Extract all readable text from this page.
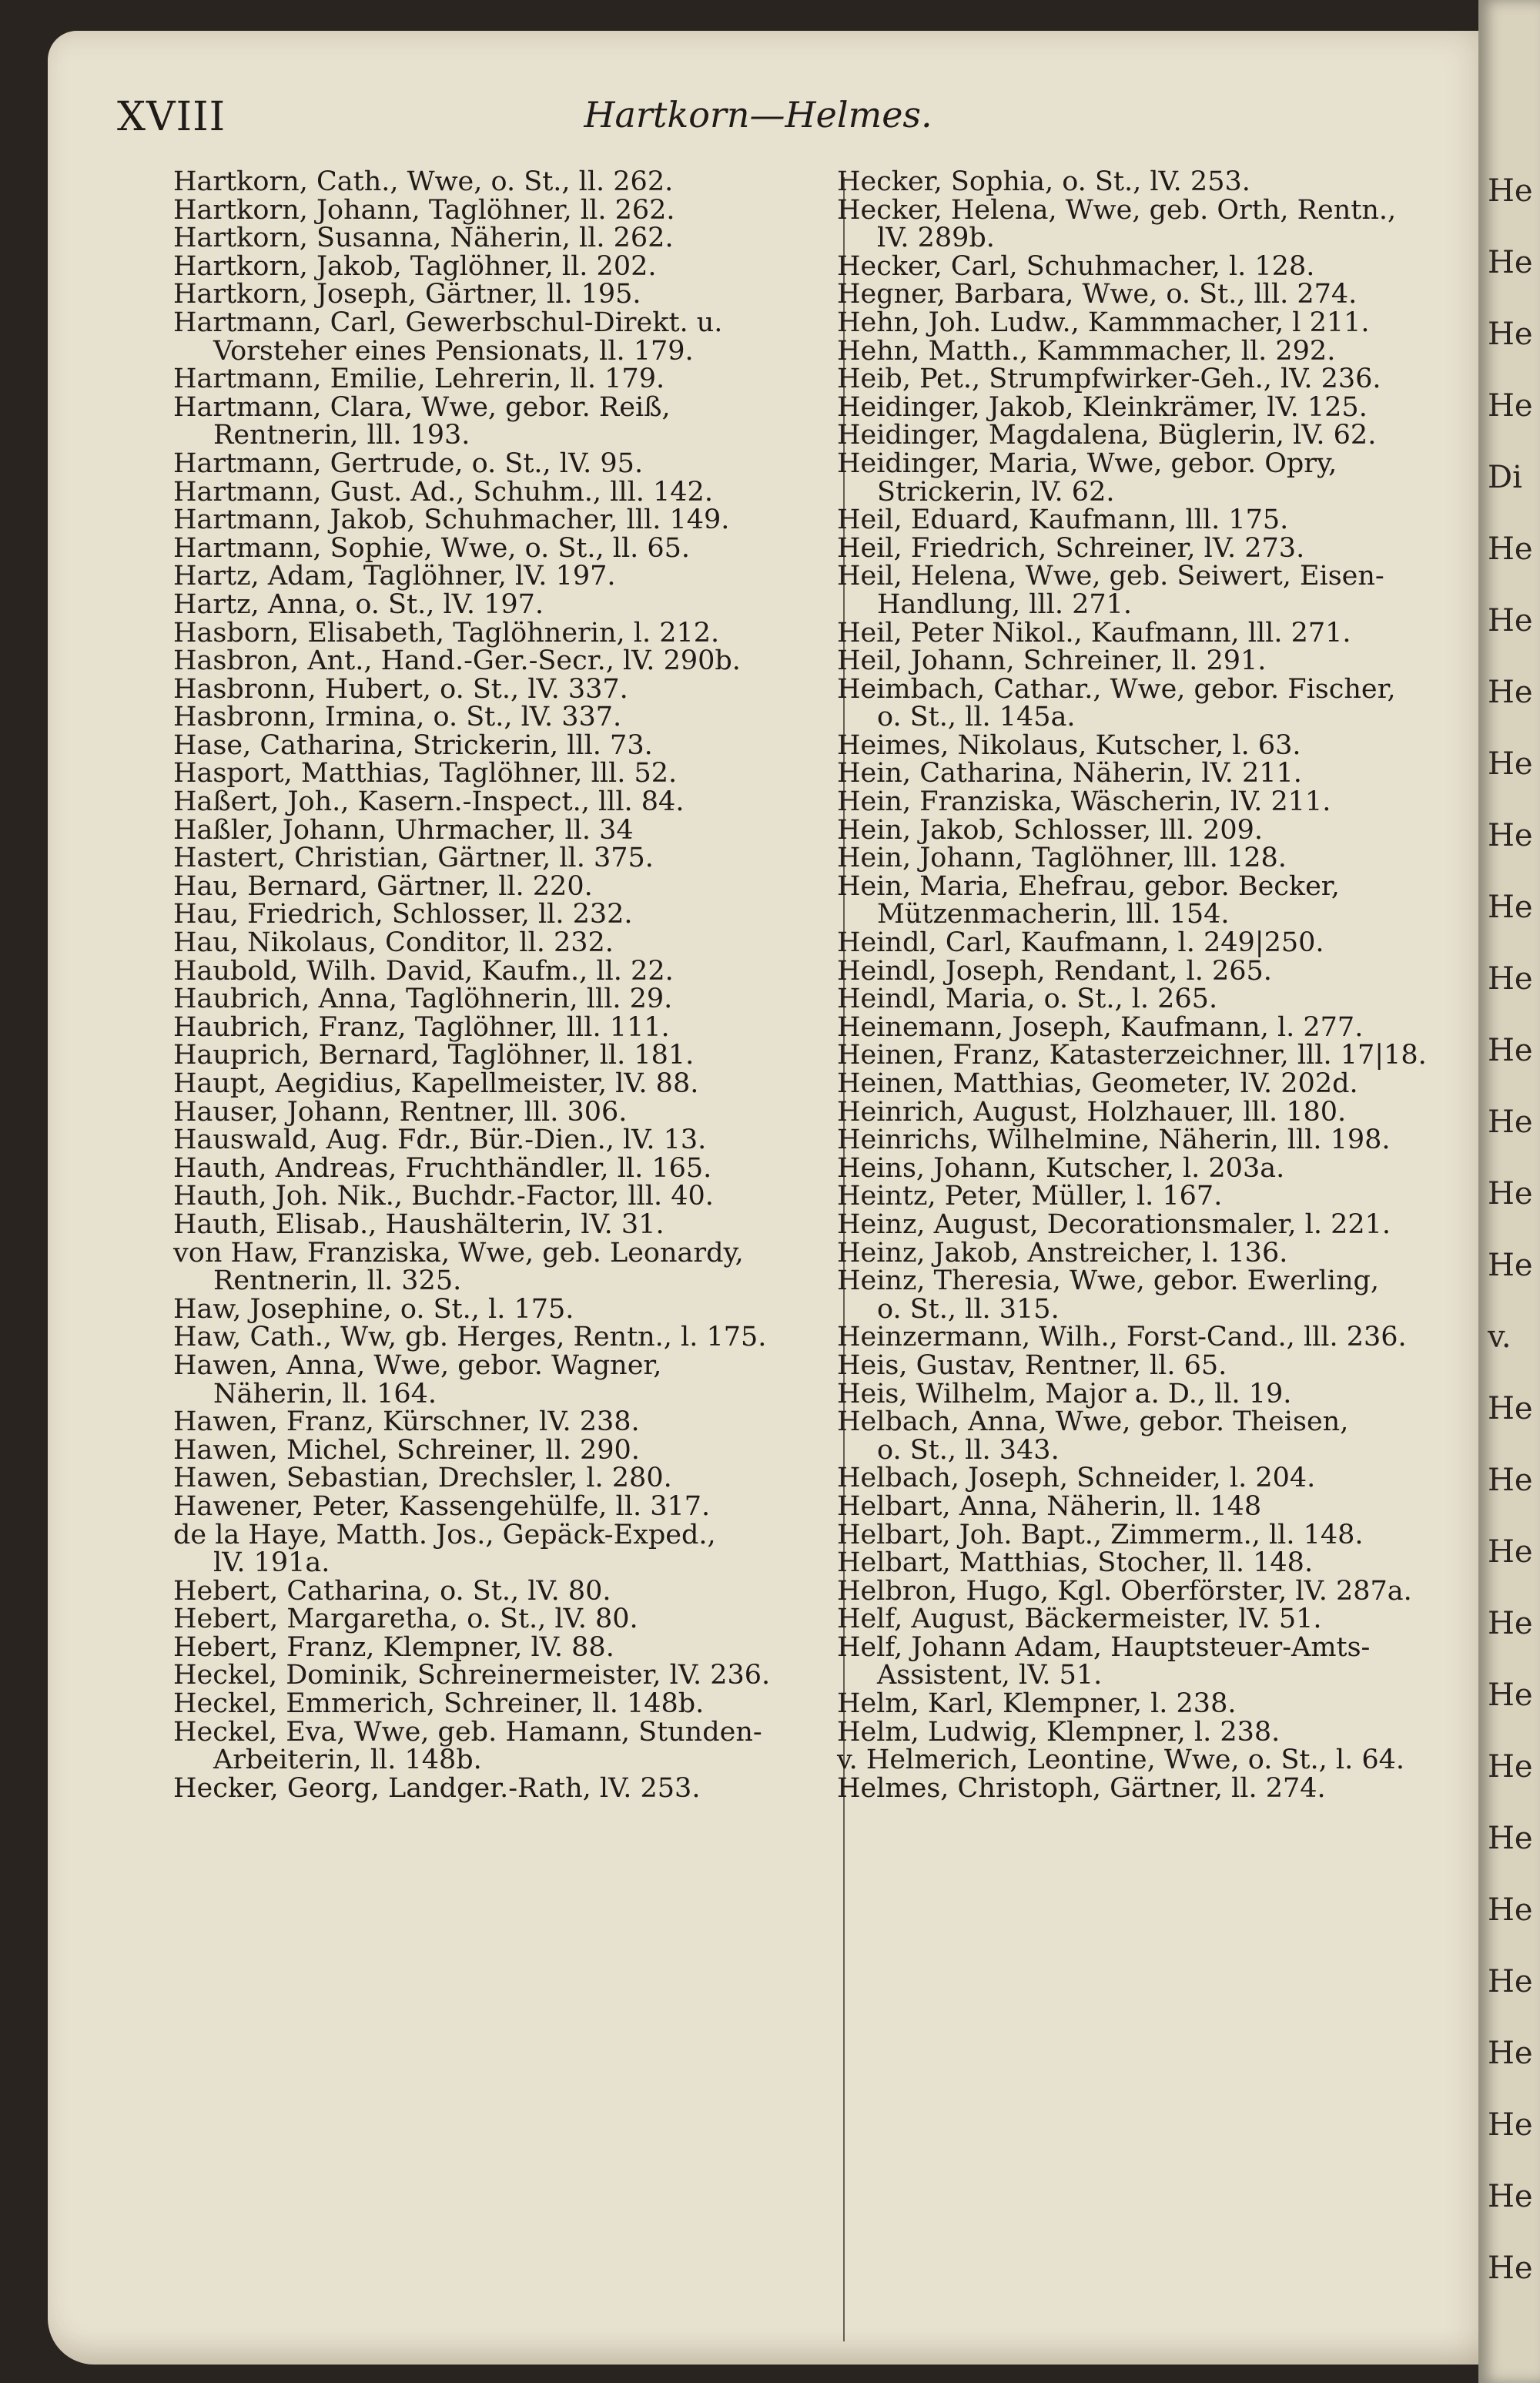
XVIII	Hartkorn—Helmes.
Hartkorn, Cath., Wwe, o. St., ll. 262.
Hartkorn, Johann, Taglöhner, ll. 262.
Hartkorn, Susanna, Näherin, ll. 262.
Hartkorn, Jakob, Taglöhner, ll. 202.
Hartkorn, Joseph, Gärtner, ll. 195.
Hartmann, Carl, Gewerbschul-Direkt. u.
Vorsteher eines Pensionats, ll. 179.
Hartmann, Emilie, Lehrerin, ll. 179.
Hartmann, Clara, Wwe, gebor. Reiß,
Rentnerin, lll. 193.
Hartmann, Gertrude, o. St., lV. 95.
Hartmann, Gust. Ad., Schuhm., lll. 142.
Hartmann, Jakob, Schuhmacher, lll. 149.
Hartmann, Sophie, Wwe, o. St., ll. 65.
Hartz, Adam, Taglöhner, lV. 197.
Hartz, Anna, o. St., lV. 197.
Hasborn, Elisabeth, Taglöhnerin, l. 212.
Hasbron, Ant., Hand.-Ger.-Secr., lV. 290b.
Hasbronn, Hubert, o. St., lV. 337.
Hasbronn, Irmina, o. St., lV. 337.
Hase, Catharina, Strickerin, lll. 73.
Hasport, Matthias, Taglöhner, lll. 52.
Haßert, Joh., Kasern.-Inspect., lll. 84.
Haßler, Johann, Uhrmacher, ll. 34
Hastert, Christian, Gärtner, ll. 375.
Hau, Bernard, Gärtner, ll. 220.
Hau, Friedrich, Schlosser, ll. 232.
Hau, Nikolaus, Conditor, ll. 232.
Haubold, Wilh. David, Kaufm., ll. 22.
Haubrich, Anna, Taglöhnerin, lll. 29.
Haubrich, Franz, Taglöhner, lll. 111.
Hauprich, Bernard, Taglöhner, ll. 181.
Haupt, Aegidius, Kapellmeister, lV. 88.
Hauser, Johann, Rentner, lll. 306.
Hauswald, Aug. Fdr., Bür.-Dien., lV. 13.
Hauth, Andreas, Fruchthändler, ll. 165.
Hauth, Joh. Nik., Buchdr.-Factor, lll. 40.
Hauth, Elisab., Haushälterin, lV. 31.
von Haw, Franziska, Wwe, geb. Leonardy,
Rentnerin, ll. 325.
Haw, Josephine, o. St., l. 175.
Haw, Cath., Ww, gb. Herges, Rentn., l. 175.
Hawen, Anna, Wwe, gebor. Wagner,
Näherin, ll. 164.
Hawen, Franz, Kürschner, lV. 238.
Hawen, Michel, Schreiner, ll. 290.
Hawen, Sebastian, Drechsler, l. 280.
Hawener, Peter, Kassengehülfe, ll. 317.
de la Haye, Matth. Jos., Gepäck-Exped.,
lV. 191a.
Hebert, Catharina, o. St., lV. 80.
Hebert, Margaretha, o. St., lV. 80.
Hebert, Franz, Klempner, lV. 88.
Heckel, Dominik, Schreinermeister, lV. 236.
Heckel, Emmerich, Schreiner, ll. 148b.
Heckel, Eva, Wwe, geb. Hamann, Stunden-
Arbeiterin, ll. 148b.
Hecker, Georg, Landger.-Rath, lV. 253.
Hecker, Sophia, o. St., lV. 253.
Hecker, Helena, Wwe, geb. Orth, Rentn.,
lV. 289b.
Hecker, Carl, Schuhmacher, l. 128.
Hegner, Barbara, Wwe, o. St., lll. 274.
Hehn, Joh. Ludw., Kammmacher, l 211.
Hehn, Matth., Kammmacher, ll. 292.
Heib, Pet., Strumpfwirker-Geh., lV. 236.
Heidinger, Jakob, Kleinkrämer, lV. 125.
Heidinger, Magdalena, Büglerin, lV. 62.
Heidinger, Maria, Wwe, gebor. Opry,
Strickerin, lV. 62.
Heil, Eduard, Kaufmann, lll. 175.
Heil, Friedrich, Schreiner, lV. 273.
Heil, Helena, Wwe, geb. Seiwert, Eisen-
Handlung, lll. 271.
Heil, Peter Nikol., Kaufmann, lll. 271.
Heil, Johann, Schreiner, ll. 291.
Heimbach, Cathar., Wwe, gebor. Fischer,
o. St., ll. 145a.
Heimes, Nikolaus, Kutscher, l. 63.
Hein, Catharina, Näherin, lV. 211.
Hein, Franziska, Wäscherin, lV. 211.
Hein, Jakob, Schlosser, lll. 209.
Hein, Johann, Taglöhner, lll. 128.
Hein, Maria, Ehefrau, gebor. Becker,
Mützenmacherin, lll. 154.
Heindl, Carl, Kaufmann, l. 249|250.
Heindl, Joseph, Rendant, l. 265.
Heindl, Maria, o. St., l. 265.
Heinemann, Joseph, Kaufmann, l. 277.
Heinen, Franz, Katasterzeichner, lll. 17|18.
Heinen, Matthias, Geometer, lV. 202d.
Heinrich, August, Holzhauer, lll. 180.
Heinrichs, Wilhelmine, Näherin, lll. 198.
Heins, Johann, Kutscher, l. 203a.
Heintz, Peter, Müller, l. 167.
Heinz, August, Decorationsmaler, l. 221.
Heinz, Jakob, Anstreicher, l. 136.
Heinz, Theresia, Wwe, gebor. Ewerling,
o. St., ll. 315.
Heinzermann, Wilh., Forst-Cand., lll. 236.
Heis, Gustav, Rentner, ll. 65.
Heis, Wilhelm, Major a. D., ll. 19.
Helbach, Anna, Wwe, gebor. Theisen,
o. St., ll. 343.
Helbach, Joseph, Schneider, l. 204.
Helbart, Anna, Näherin, ll. 148
Helbart, Joh. Bapt., Zimmerm., ll. 148.
Helbart, Matthias, Stocher, ll. 148.
Helbron, Hugo, Kgl. Oberförster, lV. 287a.
Helf, August, Bäckermeister, lV. 51.
Helf, Johann Adam, Hauptsteuer-Amts-
Assistent, lV. 51.
Helm, Karl, Klempner, l. 238.
Helm, Ludwig, Klempner, l. 238.
v. Helmerich, Leontine, Wwe, o. St., l. 64.
Helmes, Christoph, Gärtner, ll. 274.
He
He
He
He
Di
He
He
He
He
He
He
He
He
He
He
He
v.
He
He
He
He
He
He
He
He
He
He
He
He
He
